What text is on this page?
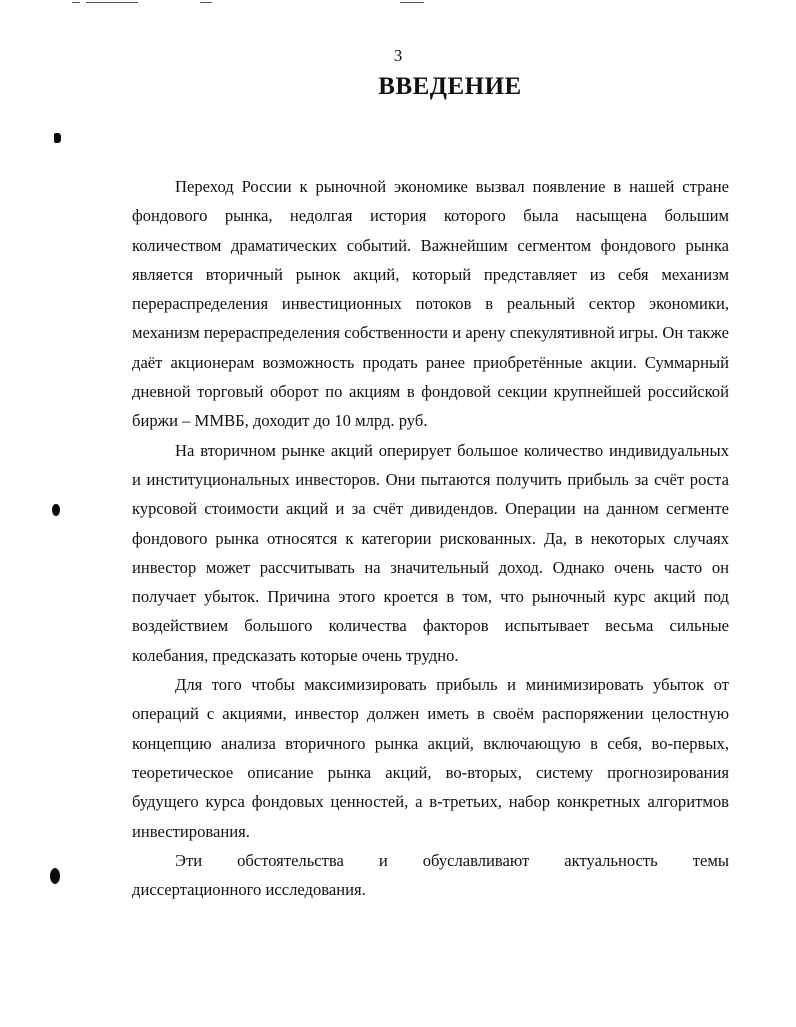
3
ВВЕДЕНИЕ

Переход России к рыночной экономике вызвал появление в нашей стране фондового рынка, недолгая история которого была насыщена большим количеством драматических событий. Важнейшим сегментом фондового рынка является вторичный рынок акций, который представляет из себя механизм перераспределения инвестиционных потоков в реальный сектор экономики, механизм перераспределения собственности и арену спекулятивной игры. Он также даёт акционерам возможность продать ранее приобретённые акции. Суммарный дневной торговый оборот по акциям в фондовой секции крупнейшей российской биржи – ММВБ, доходит до 10 млрд. руб.

На вторичном рынке акций оперирует большое количество индивидуальных и институциональных инвесторов. Они пытаются получить прибыль за счёт роста курсовой стоимости акций и за счёт дивидендов. Операции на данном сегменте фондового рынка относятся к категории рискованных. Да, в некоторых случаях инвестор может рассчитывать на значительный доход. Однако очень часто он получает убыток. Причина этого кроется в том, что рыночный курс акций под воздействием большого количества факторов испытывает весьма сильные колебания, предсказать которые очень трудно.

Для того чтобы максимизировать прибыль и минимизировать убыток от операций с акциями, инвестор должен иметь в своём распоряжении целостную концепцию анализа вторичного рынка акций, включающую в себя, во-первых, теоретическое описание рынка акций, во-вторых, систему прогнозирования будущего курса фондовых ценностей, а в-третьих, набор конкретных алгоритмов инвестирования.

Эти обстоятельства и обуславливают актуальность темы

диссертационного исследования.
